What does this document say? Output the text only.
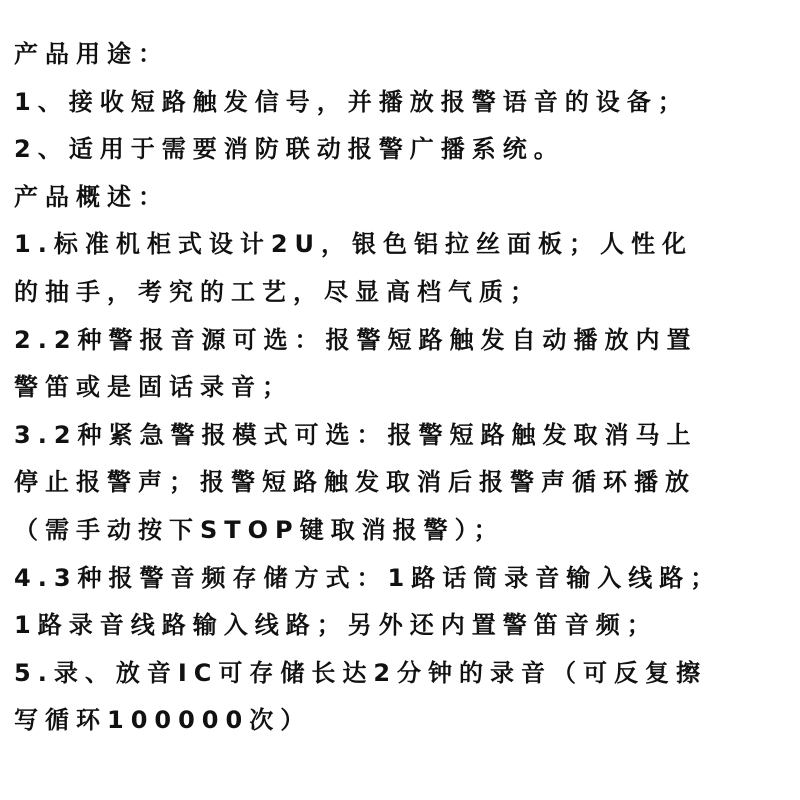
产品用途：
1、接收短路触发信号，并播放报警语音的设备；
2、适用于需要消防联动报警广播系统。
产品概述：
1.标准机柜式设计2U，银色铝拉丝面板；人性化
的抽手，考究的工艺，尽显高档气质；
2.2种警报音源可选：报警短路触发自动播放内置
警笛或是固话录音；
3.2种紧急警报模式可选：报警短路触发取消马上
停止报警声；报警短路触发取消后报警声循环播放
（需手动按下STOP键取消报警）；
4.3种报警音频存储方式：1路话筒录音输入线路；
1路录音线路输入线路；另外还内置警笛音频；
5.录、放音IC可存储长达2分钟的录音（可反复擦
写循环100000次）
